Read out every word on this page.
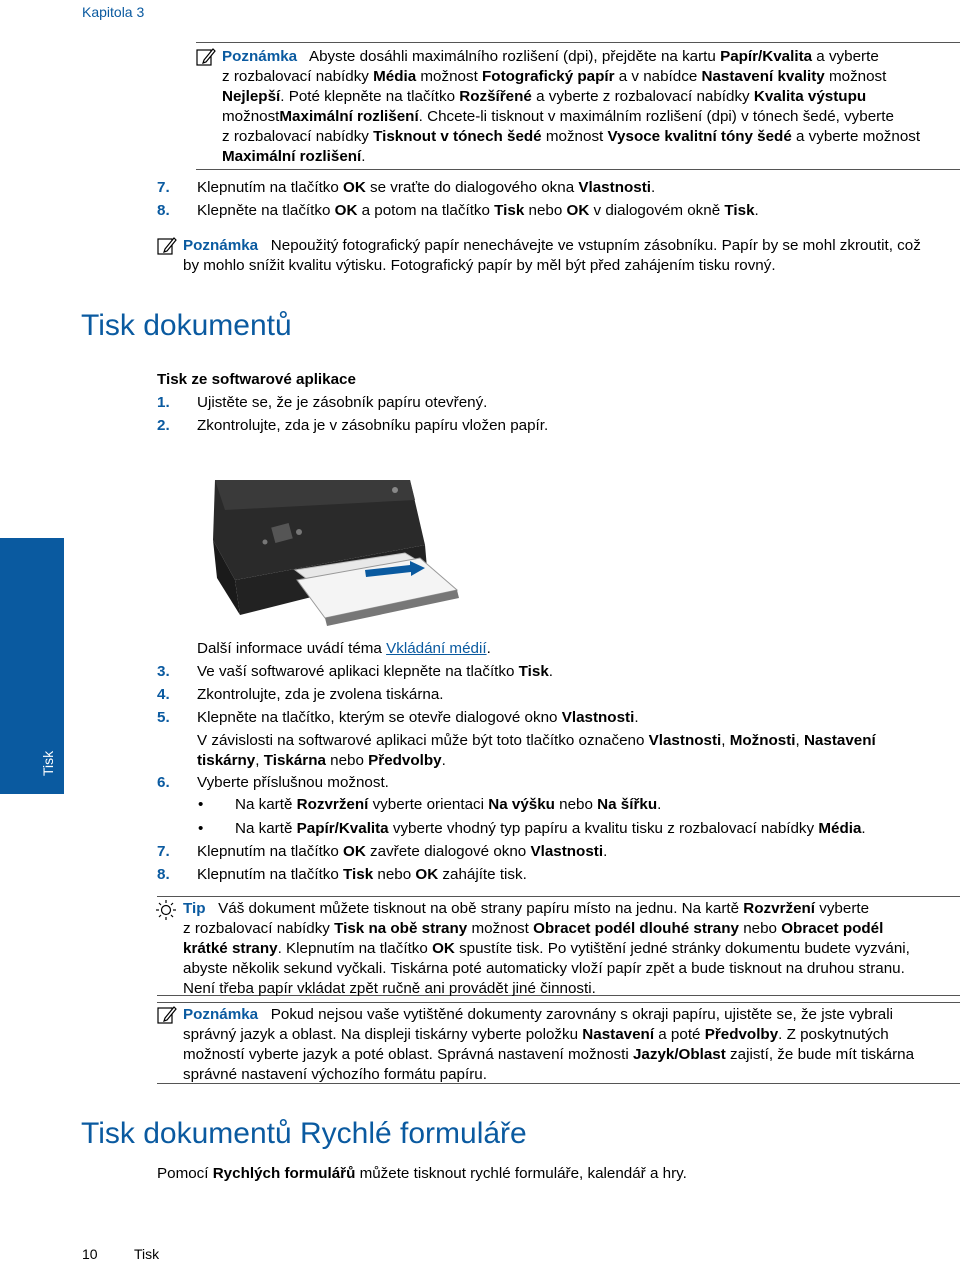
Kapitola 3
Poznámka Abyste dosáhli maximálního rozlišení (dpi), přejděte na kartu Papír/Kvalita a vyberte
z rozbalovací nabídky Média možnost Fotografický papír a v nabídce Nastavení kvality možnost
Nejlepší. Poté klepněte na tlačítko Rozšířené a vyberte z rozbalovací nabídky Kvalita výstupu
možnostMaximální rozlišení. Chcete-li tisknout v maximálním rozlišení (dpi) v tónech šedé, vyberte
z rozbalovací nabídky Tisknout v tónech šedé možnost Vysoce kvalitní tóny šedé a vyberte možnost
Maximální rozlišení.
7. Klepnutím na tlačítko OK se vraťte do dialogového okna Vlastnosti.
8. Klepněte na tlačítko OK a potom na tlačítko Tisk nebo OK v dialogovém okně Tisk.
Poznámka Nepoužitý fotografický papír nenechávejte ve vstupním zásobníku. Papír by se mohl zkroutit, což
by mohlo snížit kvalitu výtisku. Fotografický papír by měl být před zahájením tisku rovný.
Tisk dokumentů
Tisk ze softwarové aplikace
1. Ujistěte se, že je zásobník papíru otevřený.
2. Zkontrolujte, zda je v zásobníku papíru vložen papír.
Tisk
Další informace uvádí téma Vkládání médií.
3. Ve vaší softwarové aplikaci klepněte na tlačítko Tisk.
4. Zkontrolujte, zda je zvolena tiskárna.
5. Klepněte na tlačítko, kterým se otevře dialogové okno Vlastnosti.
V závislosti na softwarové aplikaci může být toto tlačítko označeno Vlastnosti, Možnosti, Nastavení
tiskárny, Tiskárna nebo Předvolby.
6. Vyberte příslušnou možnost.
• Na kartě Rozvržení vyberte orientaci Na výšku nebo Na šířku.
• Na kartě Papír/Kvalita vyberte vhodný typ papíru a kvalitu tisku z rozbalovací nabídky Média.
7. Klepnutím na tlačítko OK zavřete dialogové okno Vlastnosti.
8. Klepnutím na tlačítko Tisk nebo OK zahájíte tisk.
Tip Váš dokument můžete tisknout na obě strany papíru místo na jednu. Na kartě Rozvržení vyberte
z rozbalovací nabídky Tisk na obě strany možnost Obracet podél dlouhé strany nebo Obracet podél
krátké strany. Klepnutím na tlačítko OK spustíte tisk. Po vytištění jedné stránky dokumentu budete vyzváni,
abyste několik sekund vyčkali. Tiskárna poté automaticky vloží papír zpět a bude tisknout na druhou stranu.
Není třeba papír vkládat zpět ručně ani provádět jiné činnosti.
Poznámka Pokud nejsou vaše vytištěné dokumenty zarovnány s okraji papíru, ujistěte se, že jste vybrali
správný jazyk a oblast. Na displeji tiskárny vyberte položku Nastavení a poté Předvolby. Z poskytnutých
možností vyberte jazyk a poté oblast. Správná nastavení možnosti Jazyk/Oblast zajistí, že bude mít tiskárna
správné nastavení výchozího formátu papíru.
Tisk dokumentů Rychlé formuláře
Pomocí Rychlých formulářů můžete tisknout rychlé formuláře, kalendář a hry.
10	Tisk
